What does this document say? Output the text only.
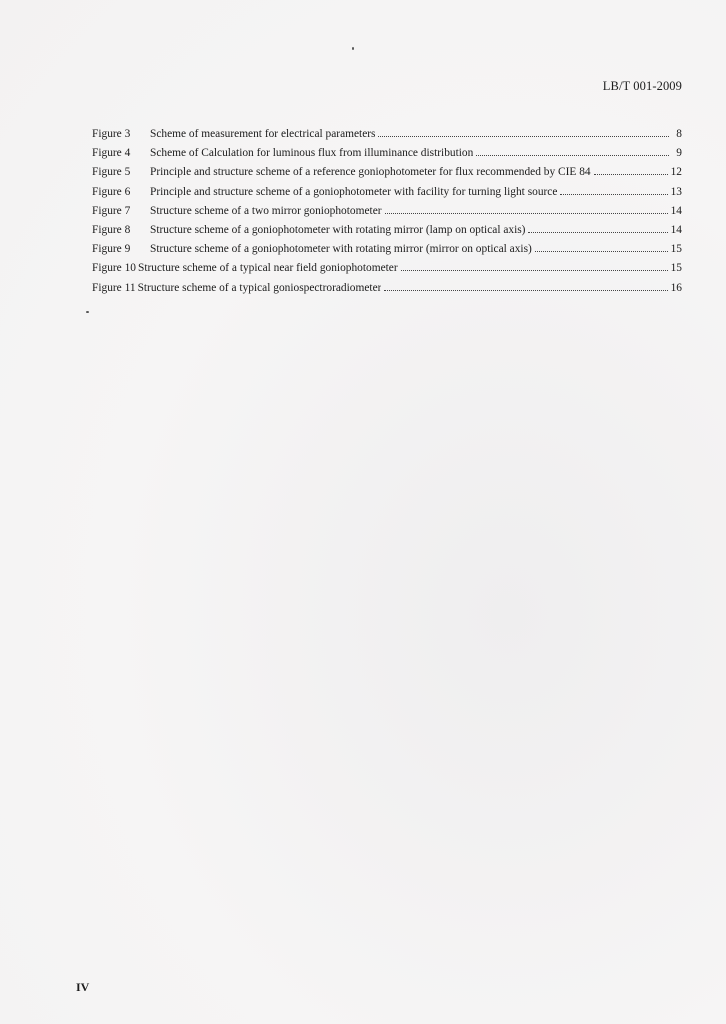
LB/T 001-2009
Figure 3	Scheme of measurement for electrical parameters	8
Figure 4	Scheme of Calculation for luminous flux from illuminance distribution	9
Figure 5	Principle and structure scheme of a reference goniophotometer for flux recommended by CIE 84	12
Figure 6	Principle and structure scheme of a goniophotometer with facility for turning light source	13
Figure 7	Structure scheme of a two mirror goniophotometer	14
Figure 8	Structure scheme of a goniophotometer with rotating mirror (lamp on optical axis)	14
Figure 9	Structure scheme of a goniophotometer with rotating mirror (mirror on optical axis)	15
Figure 10 Structure scheme of a typical near field goniophotometer	15
Figure 11 Structure scheme of a typical goniospectroradiometer	16
IV
